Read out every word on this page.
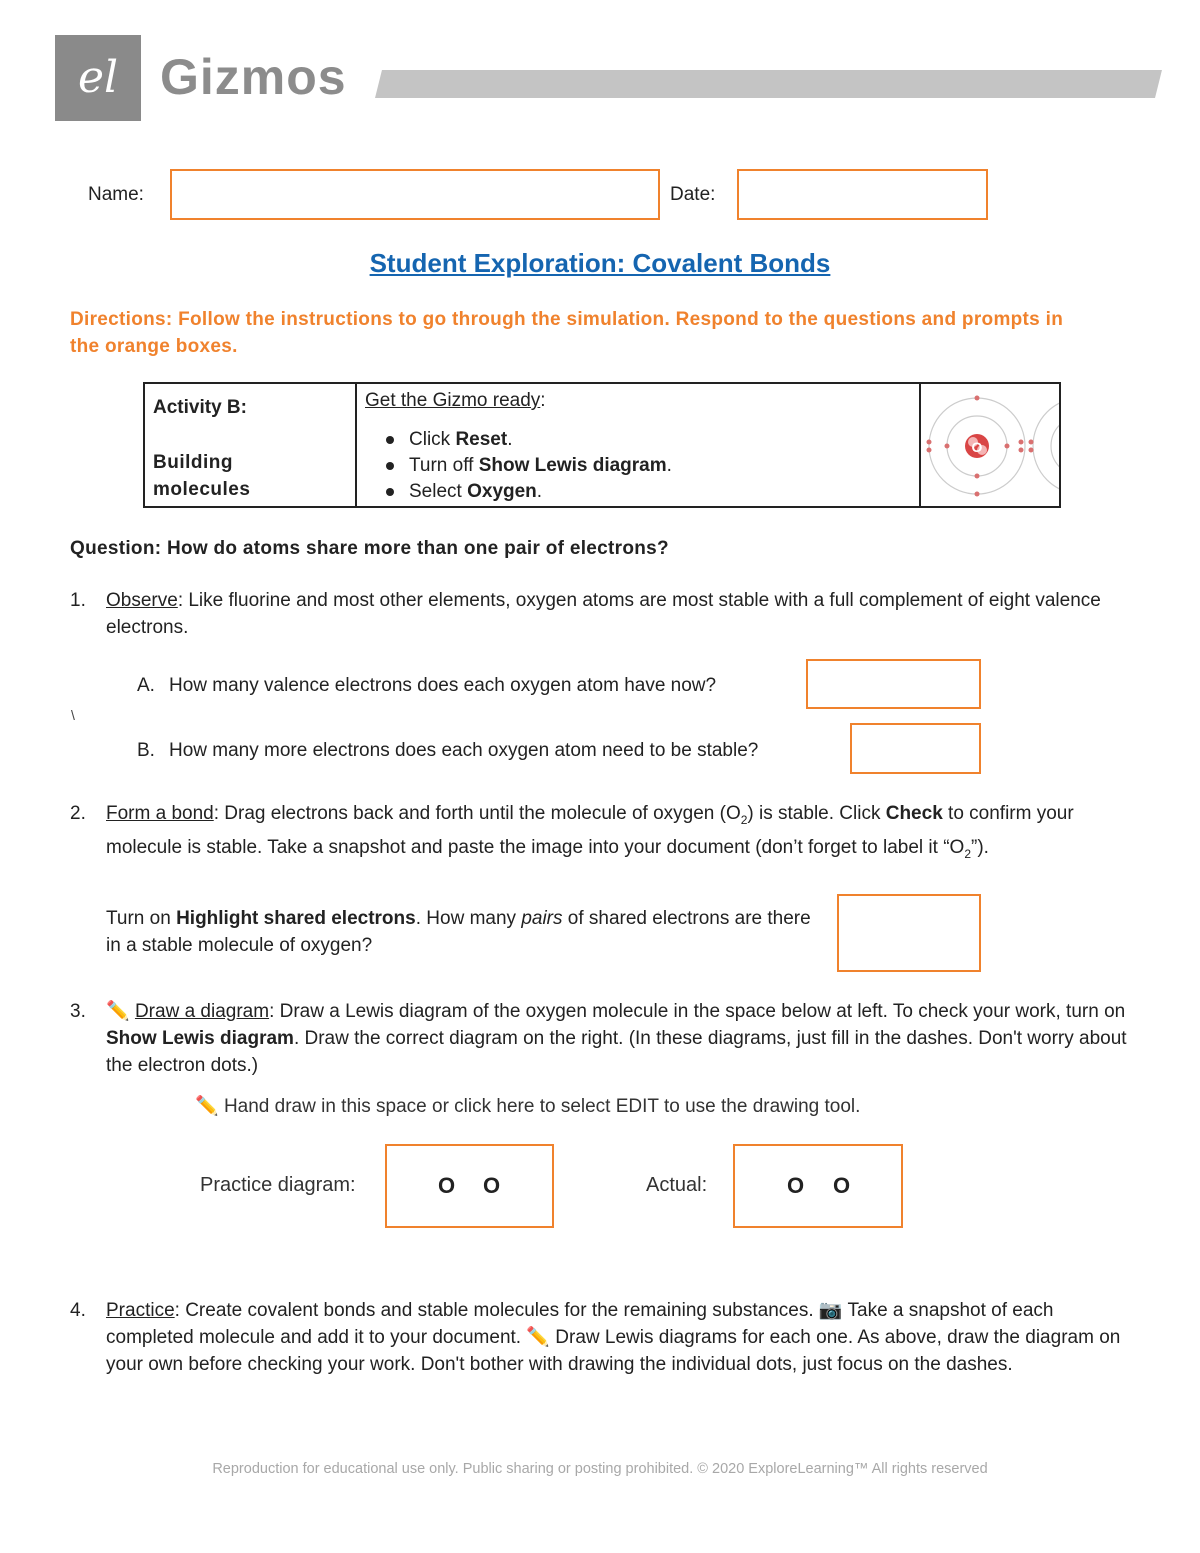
el Gizmos
Name:	Date:
Student Exploration: Covalent Bonds
Directions: Follow the instructions to go through the simulation. Respond to the questions and prompts in the orange boxes.
Activity B:
Building
molecules
Get the Gizmo ready:
Click Reset.
Turn off Show Lewis diagram.
Select Oxygen.
O
Question: How do atoms share more than one pair of electrons?
1. Observe: Like fluorine and most other elements, oxygen atoms are most stable with a full complement of eight valence electrons.
A. How many valence electrons does each oxygen atom have now?
\
B. How many more electrons does each oxygen atom need to be stable?
2. Form a bond: Drag electrons back and forth until the molecule of oxygen $(O_2)$ is stable. Click Check to confirm your molecule is stable. Take a snapshot and paste the image into your document (don’t forget to label it “$O_2$”).
Turn on Highlight shared electrons. How many pairs of shared electrons are there in a stable molecule of oxygen?
3. ✏️ Draw a diagram: Draw a Lewis diagram of the oxygen molecule in the space below at left. To check your work, turn on Show Lewis diagram. Draw the correct diagram on the right. (In these diagrams, just fill in the dashes. Don't worry about the electron dots.)
✏️ Hand draw in this space or click here to select EDIT to use the drawing tool.
Practice diagram:	O O	Actual:	O O
4. Practice: Create covalent bonds and stable molecules for the remaining substances. 📷 Take a snapshot of each completed molecule and add it to your document. ✏️ Draw Lewis diagrams for each one. As above, draw the diagram on your own before checking your work. Don't bother with drawing the individual dots, just focus on the dashes.
Reproduction for educational use only. Public sharing or posting prohibited. © 2020 ExploreLearning™ All rights reserved
